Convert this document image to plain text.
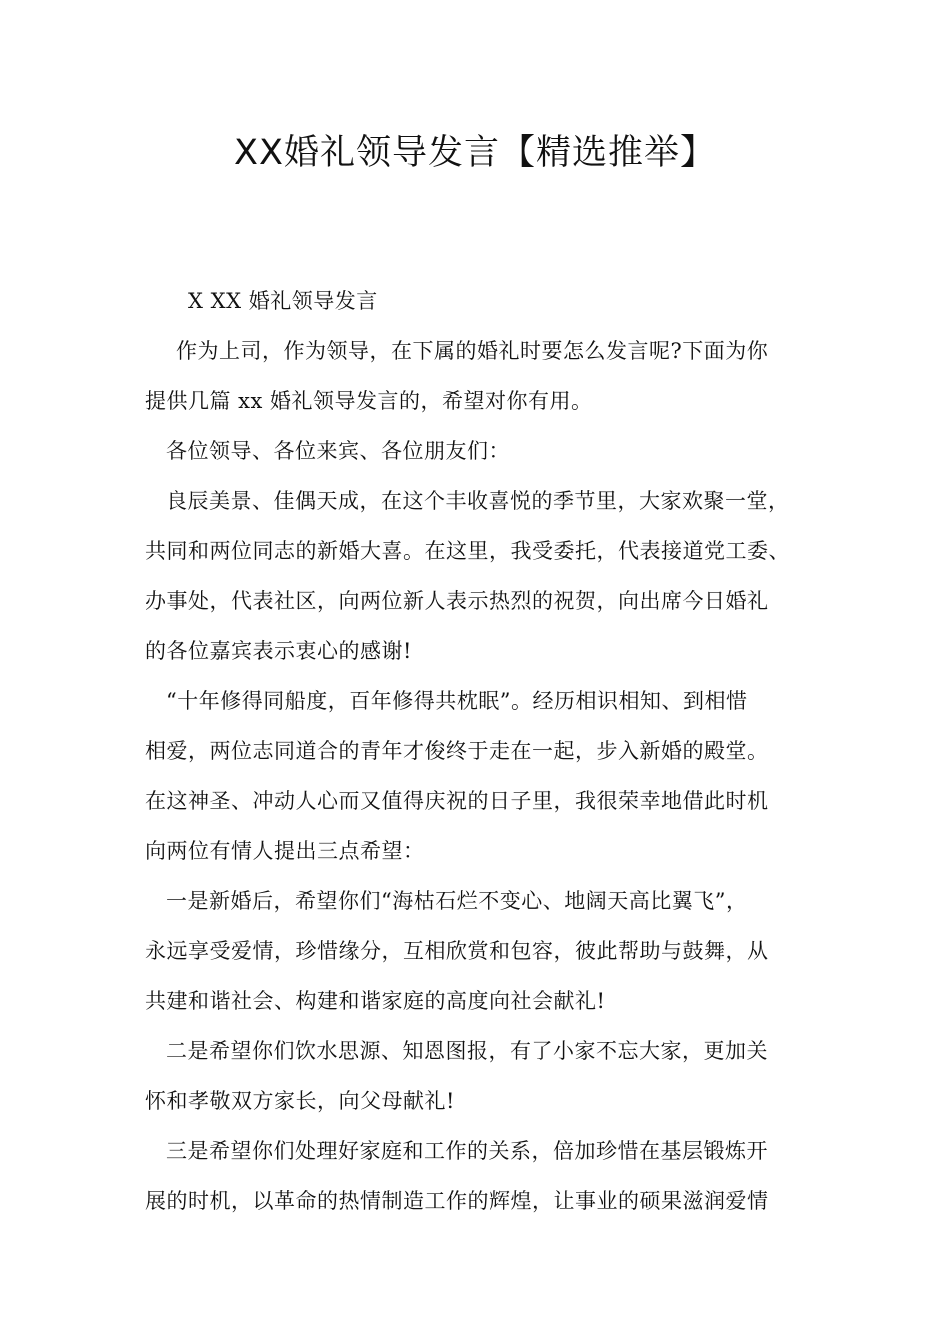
XX婚礼领导发言【精选推举】
X XX 婚礼领导发言
作为上司，作为领导，在下属的婚礼时要怎么发言呢?下面为你
提供几篇 xx 婚礼领导发言的，希望对你有用。
各位领导、各位来宾、各位朋友们：
良辰美景、佳偶天成，在这个丰收喜悦的季节里，大家欢聚一堂，
共同和两位同志的新婚大喜。在这里，我受委托，代表接道党工委、
办事处，代表社区，向两位新人表示热烈的祝贺，向出席今日婚礼
的各位嘉宾表示衷心的感谢!
“十年修得同船度，百年修得共枕眠”。经历相识相知、到相惜
相爱，两位志同道合的青年才俊终于走在一起，步入新婚的殿堂。
在这神圣、冲动人心而又值得庆祝的日子里，我很荣幸地借此时机
向两位有情人提出三点希望：
一是新婚后，希望你们“海枯石烂不变心、地阔天高比翼飞”，
永远享受爱情，珍惜缘分，互相欣赏和包容，彼此帮助与鼓舞，从
共建和谐社会、构建和谐家庭的高度向社会献礼!
二是希望你们饮水思源、知恩图报，有了小家不忘大家，更加关
怀和孝敬双方家长，向父母献礼!
三是希望你们处理好家庭和工作的关系，倍加珍惜在基层锻炼开
展的时机，以革命的热情制造工作的辉煌，让事业的硕果滋润爱情
